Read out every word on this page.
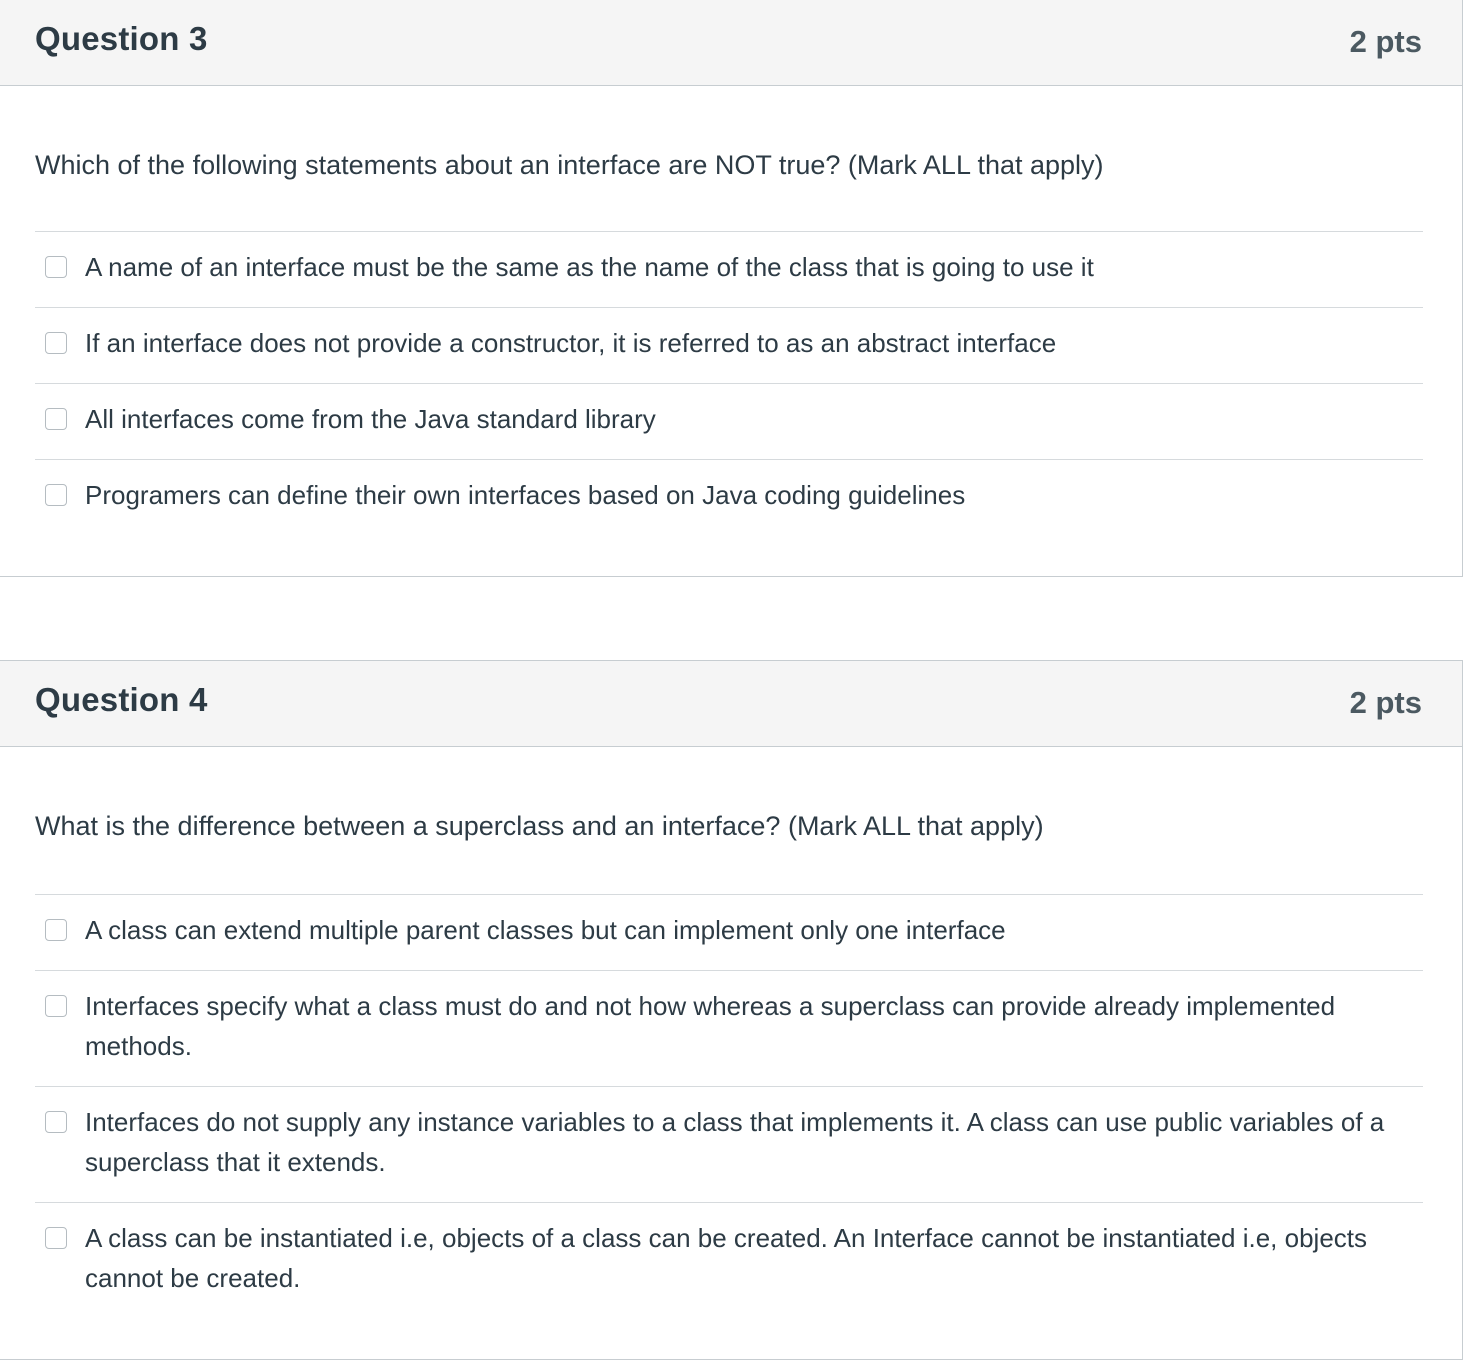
Question 3	2 pts
Which of the following statements about an interface are NOT true? (Mark ALL that apply)
A name of an interface must be the same as the name of the class that is going to use it
If an interface does not provide a constructor, it is referred to as an abstract interface
All interfaces come from the Java standard library
Programers can define their own interfaces based on Java coding guidelines
Question 4	2 pts
What is the difference between a superclass and an interface? (Mark ALL that apply)
A class can extend multiple parent classes but can implement only one interface
Interfaces specify what a class must do and not how whereas a superclass can provide already implemented methods.
Interfaces do not supply any instance variables to a class that implements it. A class can use public variables of a superclass that it extends.
A class can be instantiated i.e, objects of a class can be created. An Interface cannot be instantiated i.e, objects cannot be created.
